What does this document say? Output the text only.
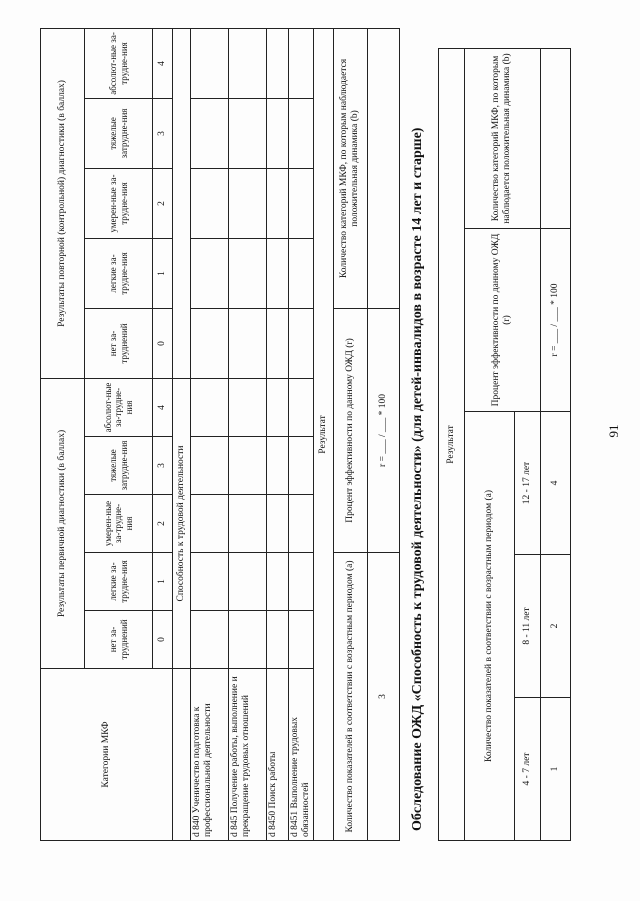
91
Результат				
Количество показателей в соответствии с возрастным периодом (а)			Процент эффективности по данному ОЖД (r)	Количество категорий МКФ, по которым наблюдается положительная динамика (b)
4 - 7 лет	8 - 11 лет	12 - 17 лет		
1	2	4	r = ___ / ___ * 100	
Обследование ОЖД «Способность к трудовой деятельности» (для детей-инвалидов в возрасте 14 лет и старше)
Категории МКФ	Результаты первичной диагностики (в баллах)					Результаты повторной (контрольной) диагностики (в баллах)				
	нет за-труднений	легкие за-трудне-ния	умерен-ные за-трудне-ния	тяжелые затрудне-ния	абсолют-ные за-трудне-ния	нет за-труднений	легкие за-трудне-ния	умерен-ные за-трудне-ния	тяжелые затрудне-ния	абсолют-ные за-трудне-ния
	0	1	2	3	4	0	1	2	3	4
	Способность к трудовой деятельности									
d 840 Ученичество подготовка к профессиональной деятельности										
d 845 Получение работы, выполнение и прекращение трудовых отношений										
d 8450 Поиск работы										
d 8451 Выполнение трудовых обязанностей										
Результат										
Количество показателей в соответствии с возрастным периодом (а)			Процент эффективности по данному ОЖД (r)				Количество категорий МКФ, по которым наблюдается положительная динамика (b)			
3			r = ___ / ___ * 100							
